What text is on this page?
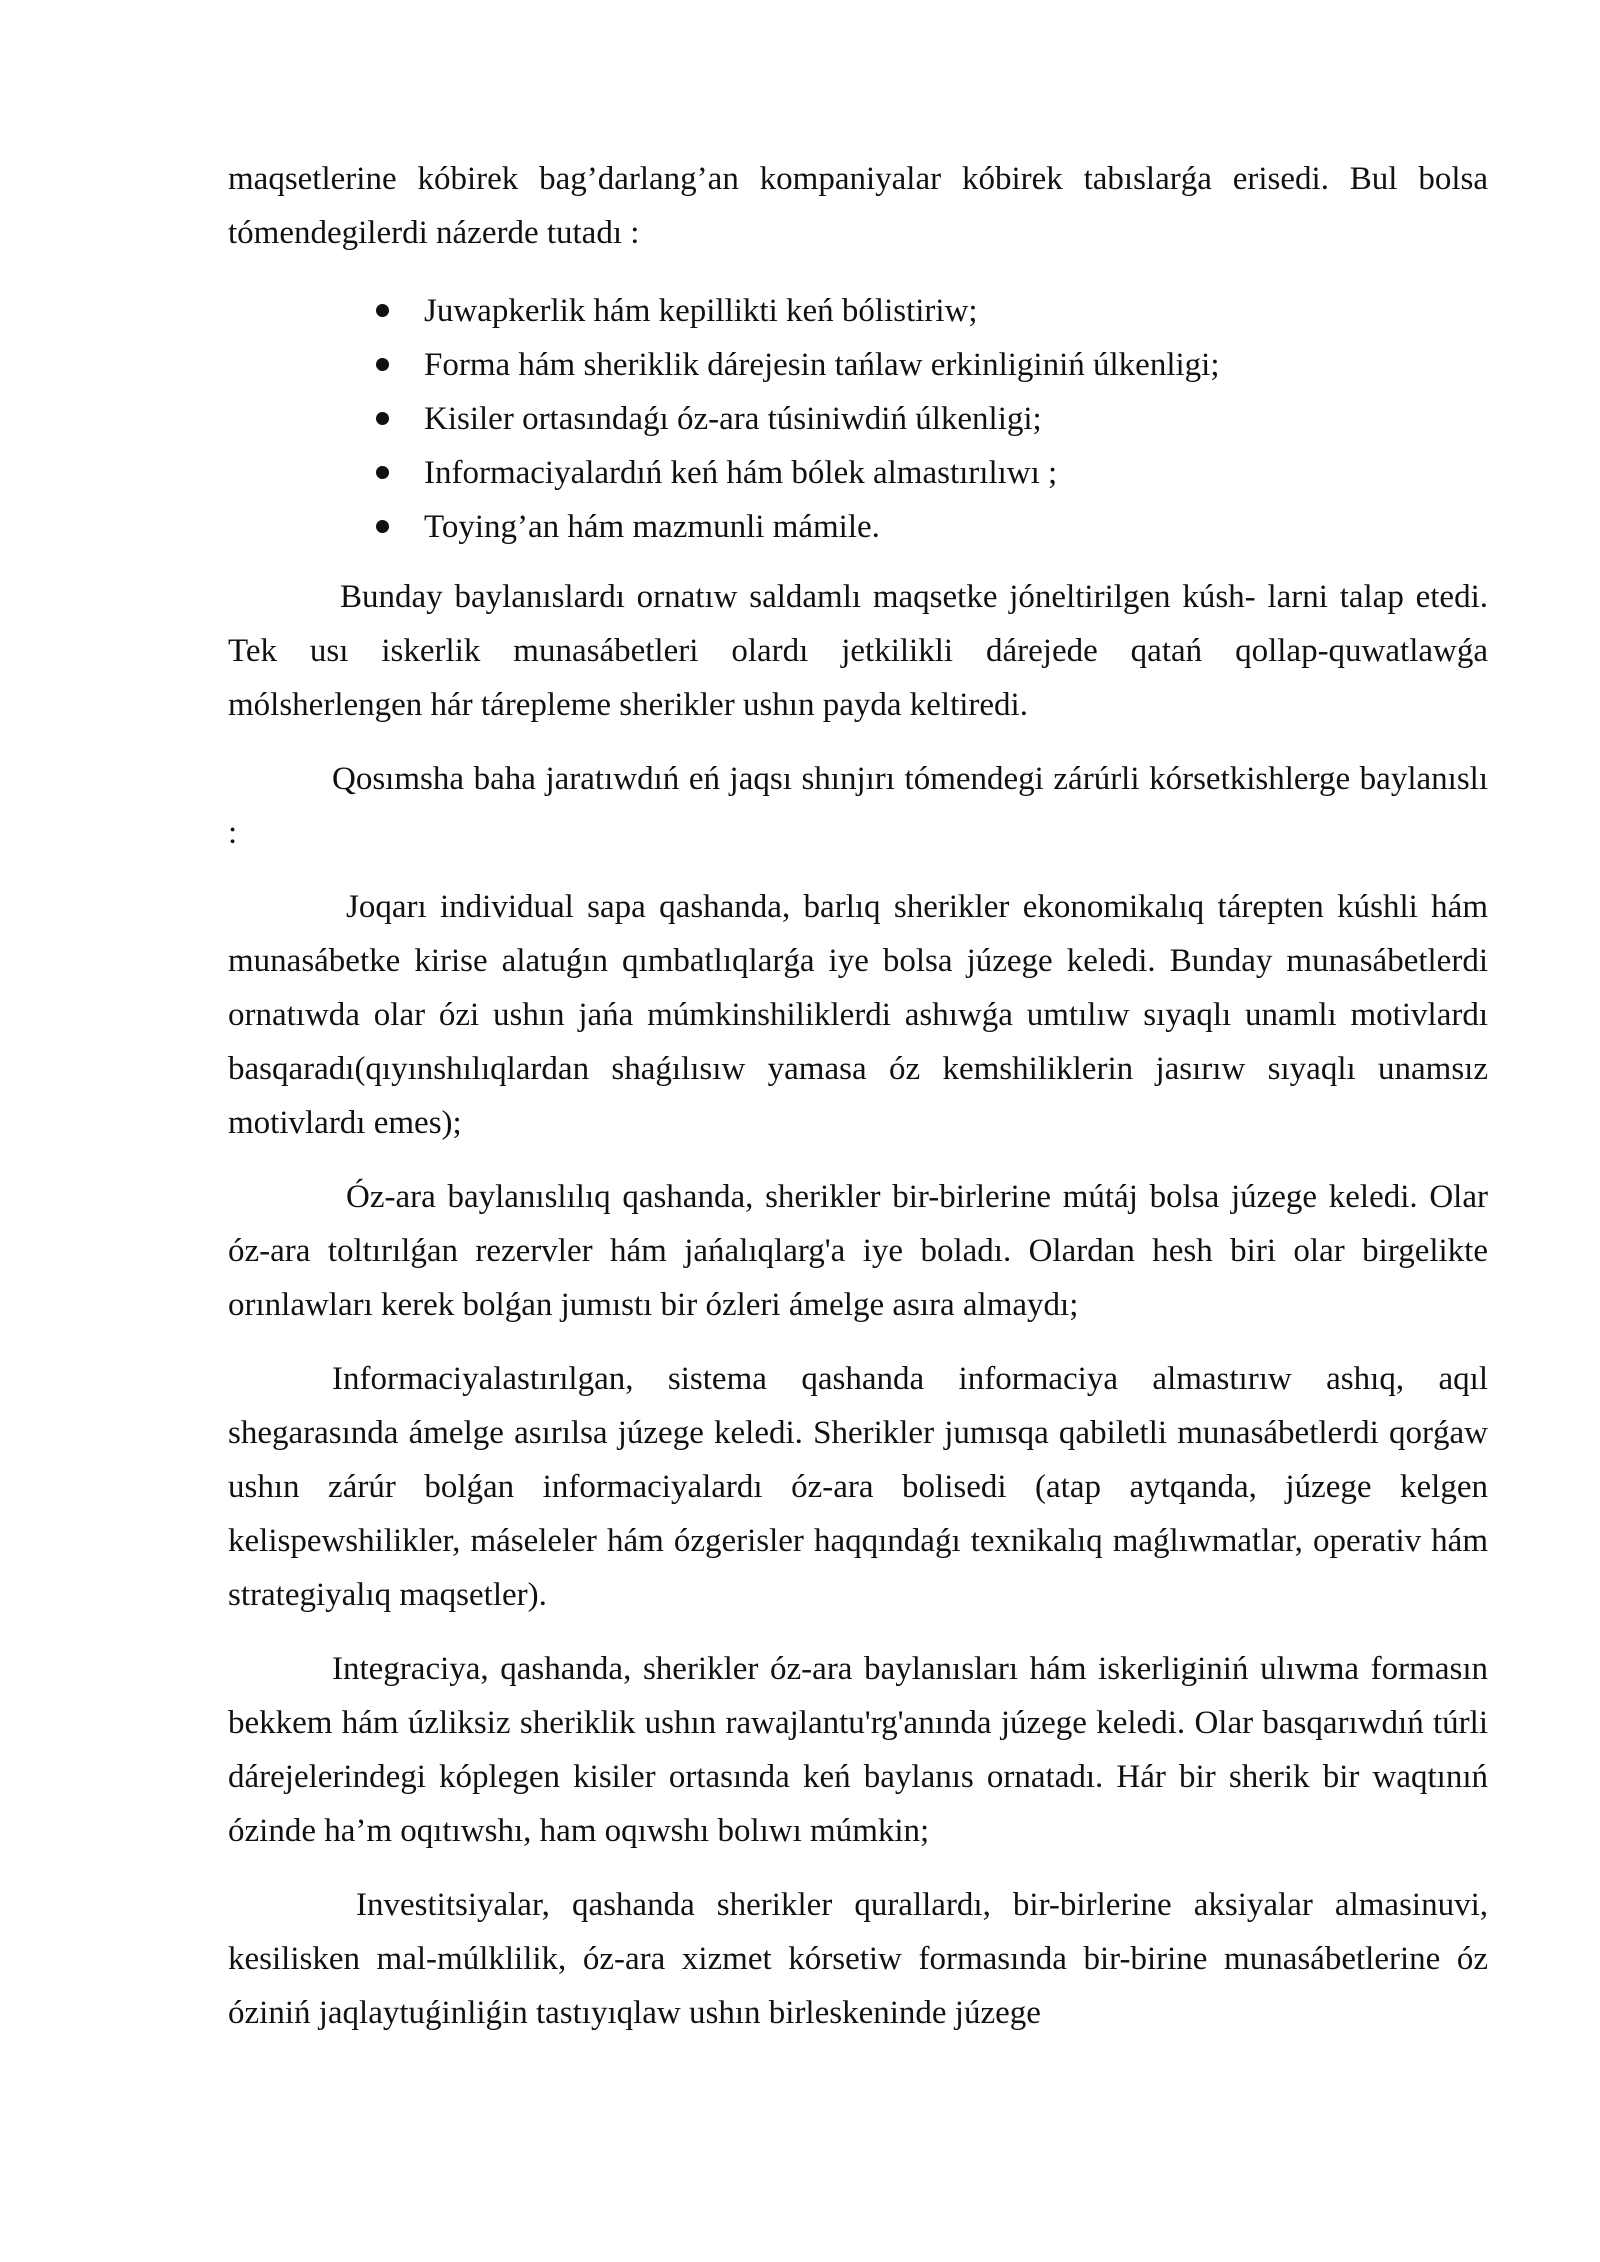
maqsetlerine kóbirek bag’darlang’an kompaniyalar kóbirek tabıslarǵa erisedi. Bul bolsa tómendegilerdi názerde tutadı :

Juwapkerlik hám kepillikti keń bólistiriw;
Forma hám sheriklik dárejesin tańlaw erkinliginiń úlkenligi;
Kisiler ortasındaǵı óz-ara túsiniwdiń úlkenligi;
Informaciyalardıń keń hám bólek almastırılıwı ;
Toying’an hám mazmunli mámile.

Bunday baylanıslardı ornatıw saldamlı maqsetke jóneltirilgen kúsh- larni talap etedi. Tek usı iskerlik munasábetleri olardı jetkilikli dárejede qatań qollap-quwatlawǵa mólsherlengen hár tárepleme sherikler ushın payda keltiredi.

Qosımsha baha jaratıwdıń eń jaqsı shınjırı tómendegi zárúrli kórsetkishlerge baylanıslı :

Joqarı individual sapa qashanda, barlıq sherikler ekonomikalıq tárepten kúshli hám munasábetke kirise alatuǵın qımbatlıqlarǵa iye bolsa júzege keledi. Bunday munasábetlerdi ornatıwda olar ózi ushın jańa múmkinshiliklerdi ashıwǵa umtılıw sıyaqlı unamlı motivlardı basqaradı(qıyınshılıqlardan shaǵılısıw yamasa óz kemshiliklerin jasırıw sıyaqlı unamsız motivlardı emes);

Óz-ara baylanıslılıq qashanda, sherikler bir-birlerine mútáj bolsa júzege keledi. Olar óz-ara toltırılǵan rezervler hám jańalıqlarg'a iye boladı. Olardan hesh biri olar birgelikte orınlawları kerek bolǵan jumıstı bir ózleri ámelge asıra almaydı;

Informaciyalastırılgan, sistema qashanda informaciya almastırıw ashıq, aqıl shegarasında ámelge asırılsa júzege keledi. Sherikler jumısqa qabiletli munasábetlerdi qorǵaw ushın zárúr bolǵan informaciyalardı óz-ara bolisedi (atap aytqanda, júzege kelgen kelispewshilikler, máseleler hám ózgerisler haqqındaǵı texnikalıq maǵlıwmatlar, operativ hám strategiyalıq maqsetler).

Integraciya, qashanda, sherikler óz-ara baylanısları hám iskerliginiń ulıwma formasın bekkem hám úzliksiz sheriklik ushın rawajlantu'rg'anında júzege keledi. Olar basqarıwdıń túrli dárejelerindegi kóplegen kisiler ortasında keń baylanıs ornatadı. Hár bir sherik bir waqtınıń ózinde ha’m oqıtıwshı, ham oqıwshı bolıwı múmkin;

Investitsiyalar, qashanda sherikler qurallardı, bir-birlerine aksiyalar almasinuvi, kesilisken mal-múlklilik, óz-ara xizmet kórsetiw formasında bir-birine munasábetlerine óz óziniń jaqlaytuǵinliǵin tastıyıqlaw ushın birleskeninde júzege
